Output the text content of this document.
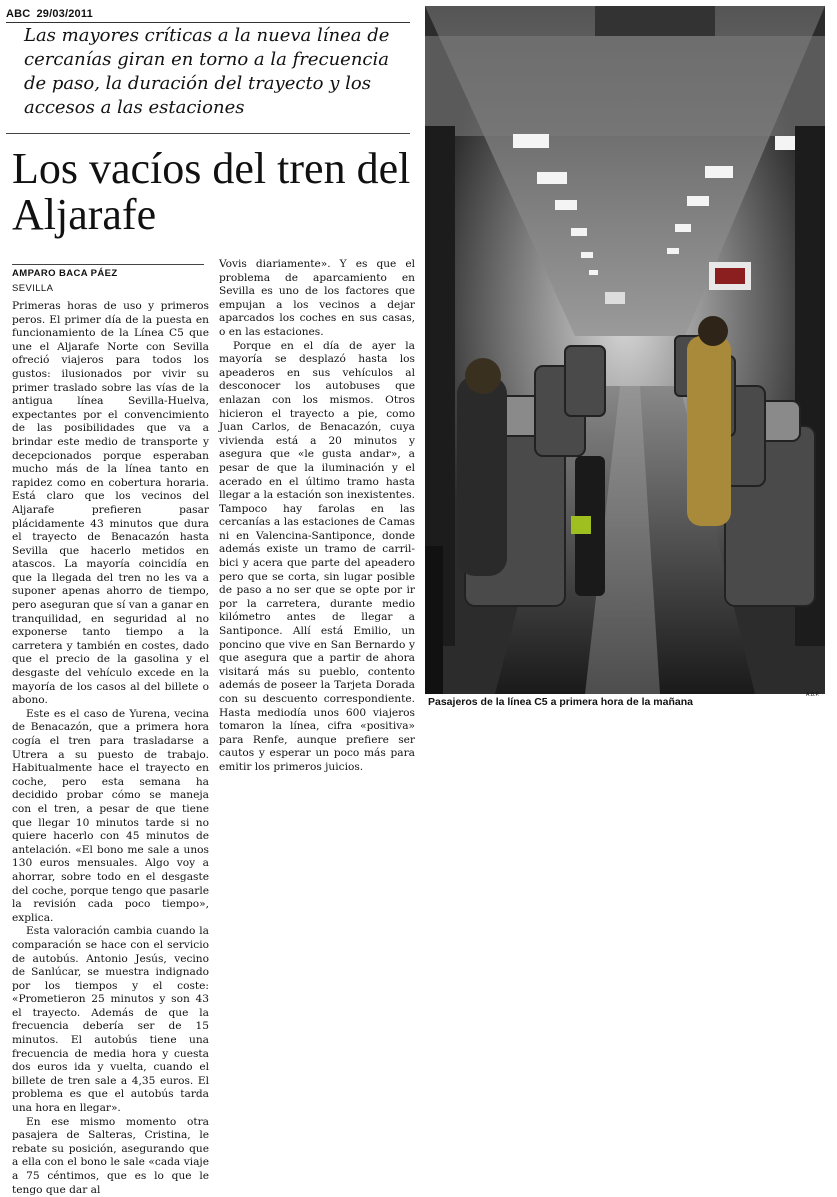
ABC 29/03/2011
Las mayores críticas a la nueva línea de cercanías giran en torno a la frecuencia de paso, la duración del trayecto y los accesos a las estaciones
Los vacíos del tren del Aljarafe
AMPARO BACA PÁEZ
SEVILLA

Primeras horas de uso y primeros peros. El primer día de la puesta en funcionamiento de la Línea C5 que une el Aljarafe Norte con Sevilla ofreció viajeros para todos los gustos: ilusionados por vivir su primer traslado sobre las vías de la antigua línea Sevilla-Huelva, expectantes por el convencimiento de las posibilidades que va a brindar este medio de transporte y decepcionados porque esperaban mucho más de la línea tanto en rapidez como en cobertura horaria. Está claro que los vecinos del Aljarafe prefieren pasar plácidamente 43 minutos que dura el trayecto de Benacazón hasta Sevilla que hacerlo metidos en atascos. La mayoría coincidía en que la llegada del tren no les va a suponer apenas ahorro de tiempo, pero aseguran que sí van a ganar en tranquilidad, en seguridad al no exponerse tanto tiempo a la carretera y también en costes, dado que el precio de la gasolina y el desgaste del vehículo excede en la mayoría de los casos al del billete o abono.

Este es el caso de Yurena, vecina de Benacazón, que a primera hora cogía el tren para trasladarse a Utrera a su puesto de trabajo. Habitualmente hace el trayecto en coche, pero esta semana ha decidido probar cómo se maneja con el tren, a pesar de que tiene que llegar 10 minutos tarde si no quiere hacerlo con 45 minutos de antelación. «El bono me sale a unos 130 euros mensuales. Algo voy a ahorrar, sobre todo en el desgaste del coche, porque tengo que pasarle la revisión cada poco tiempo», explica.

Esta valoración cambia cuando la comparación se hace con el servicio de autobús. Antonio Jesús, vecino de Sanlúcar, se muestra indignado por los tiempos y el coste: «Prometieron 25 minutos y son 43 el trayecto. Además de que la frecuencia debería ser de 15 minutos. El autobús tiene una frecuencia de media hora y cuesta dos euros ida y vuelta, cuando el billete de tren sale a 4,35 euros. El problema es que el autobús tarda una hora en llegar».

En ese mismo momento otra pasajera de Salteras, Cristina, le rebate su posición, asegurando que a ella con el bono le sale «cada viaje a 75 céntimos, que es lo que le tengo que dar al

Vovis diariamente». Y es que el problema de aparcamiento en Sevilla es uno de los factores que empujan a los vecinos a dejar aparcados los coches en sus casas, o en las estaciones.

Porque en el día de ayer la mayoría se desplazó hasta los apeaderos en sus vehículos al desconocer los autobuses que enlazan con los mismos. Otros hicieron el trayecto a pie, como Juan Carlos, de Benacazón, cuya vivienda está a 20 minutos y asegura que «le gusta andar», a pesar de que la iluminación y el acerado en el último tramo hasta llegar a la estación son inexistentes. Tampoco hay farolas en las cercanías a las estaciones de Camas ni en Valencina-Santiponce, donde además existe un tramo de carril-bici y acera que parte del apeadero pero que se corta, sin lugar posible de paso a no ser que se opte por ir por la carretera, durante medio kilómetro antes de llegar a Santiponce. Allí está Emilio, un poncino que vive en San Bernardo y que asegura que a partir de ahora visitará más su pueblo, contento además de poseer la Tarjeta Dorada con su descuento correspondiente. Hasta mediodía unos 600 viajeros tomaron la línea, cifra «positiva» para Renfe, aunque prefiere ser cautos y esperar un poco más para emitir los primeros juicios.

A.B.P.
Pasajeros de la línea C5 a primera hora de la mañana
